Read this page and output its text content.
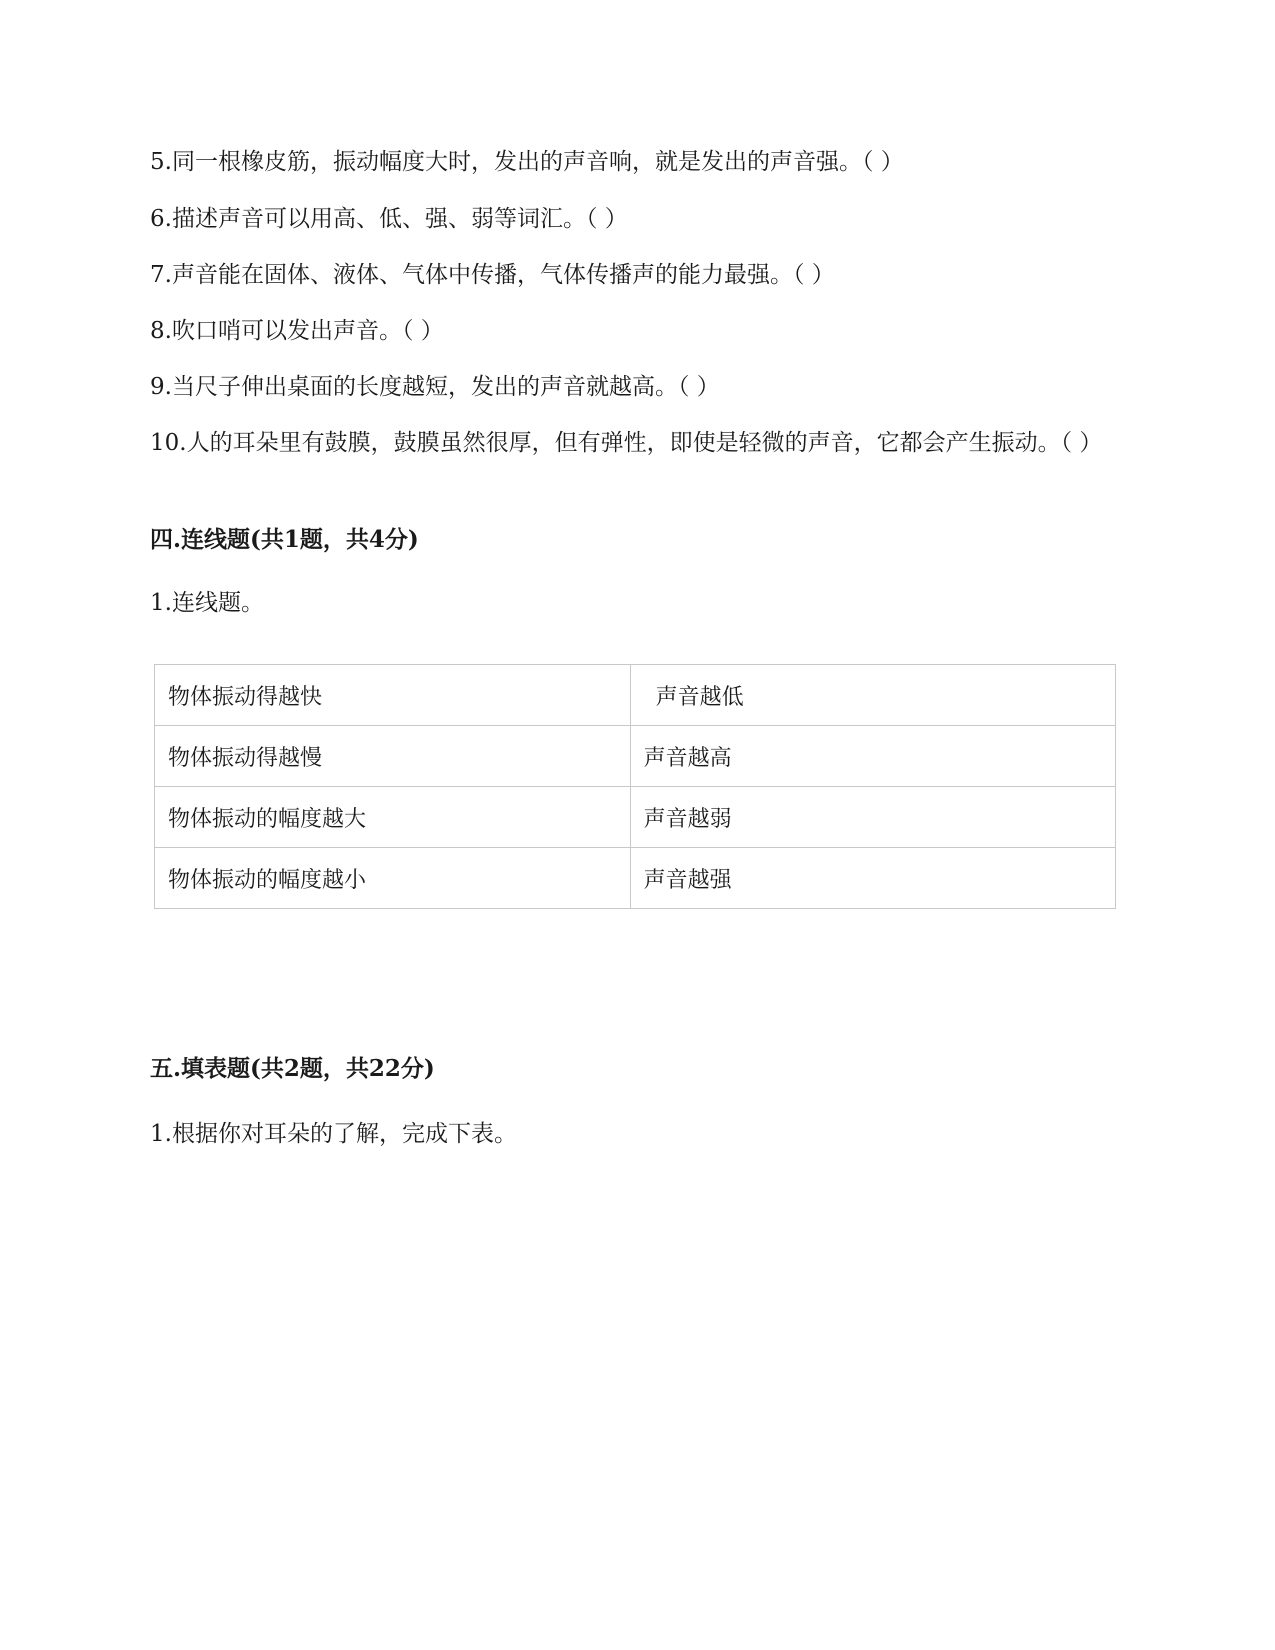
5.同一根橡皮筋，振动幅度大时，发出的声音响，就是发出的声音强。（ ）
6.描述声音可以用高、低、强、弱等词汇。（ ）
7.声音能在固体、液体、气体中传播，气体传播声的能力最强。（ ）
8.吹口哨可以发出声音。（ ）
9.当尺子伸出桌面的长度越短，发出的声音就越高。（ ）
10.人的耳朵里有鼓膜，鼓膜虽然很厚，但有弹性，即使是轻微的声音，它都会产生振动。（ ）
四.连线题(共1题，共4分)
1.连线题。
物体振动得越快	声音越低
物体振动得越慢	声音越高
物体振动的幅度越大	声音越弱
物体振动的幅度越小	声音越强
五.填表题(共2题，共22分)
1.根据你对耳朵的了解，完成下表。
